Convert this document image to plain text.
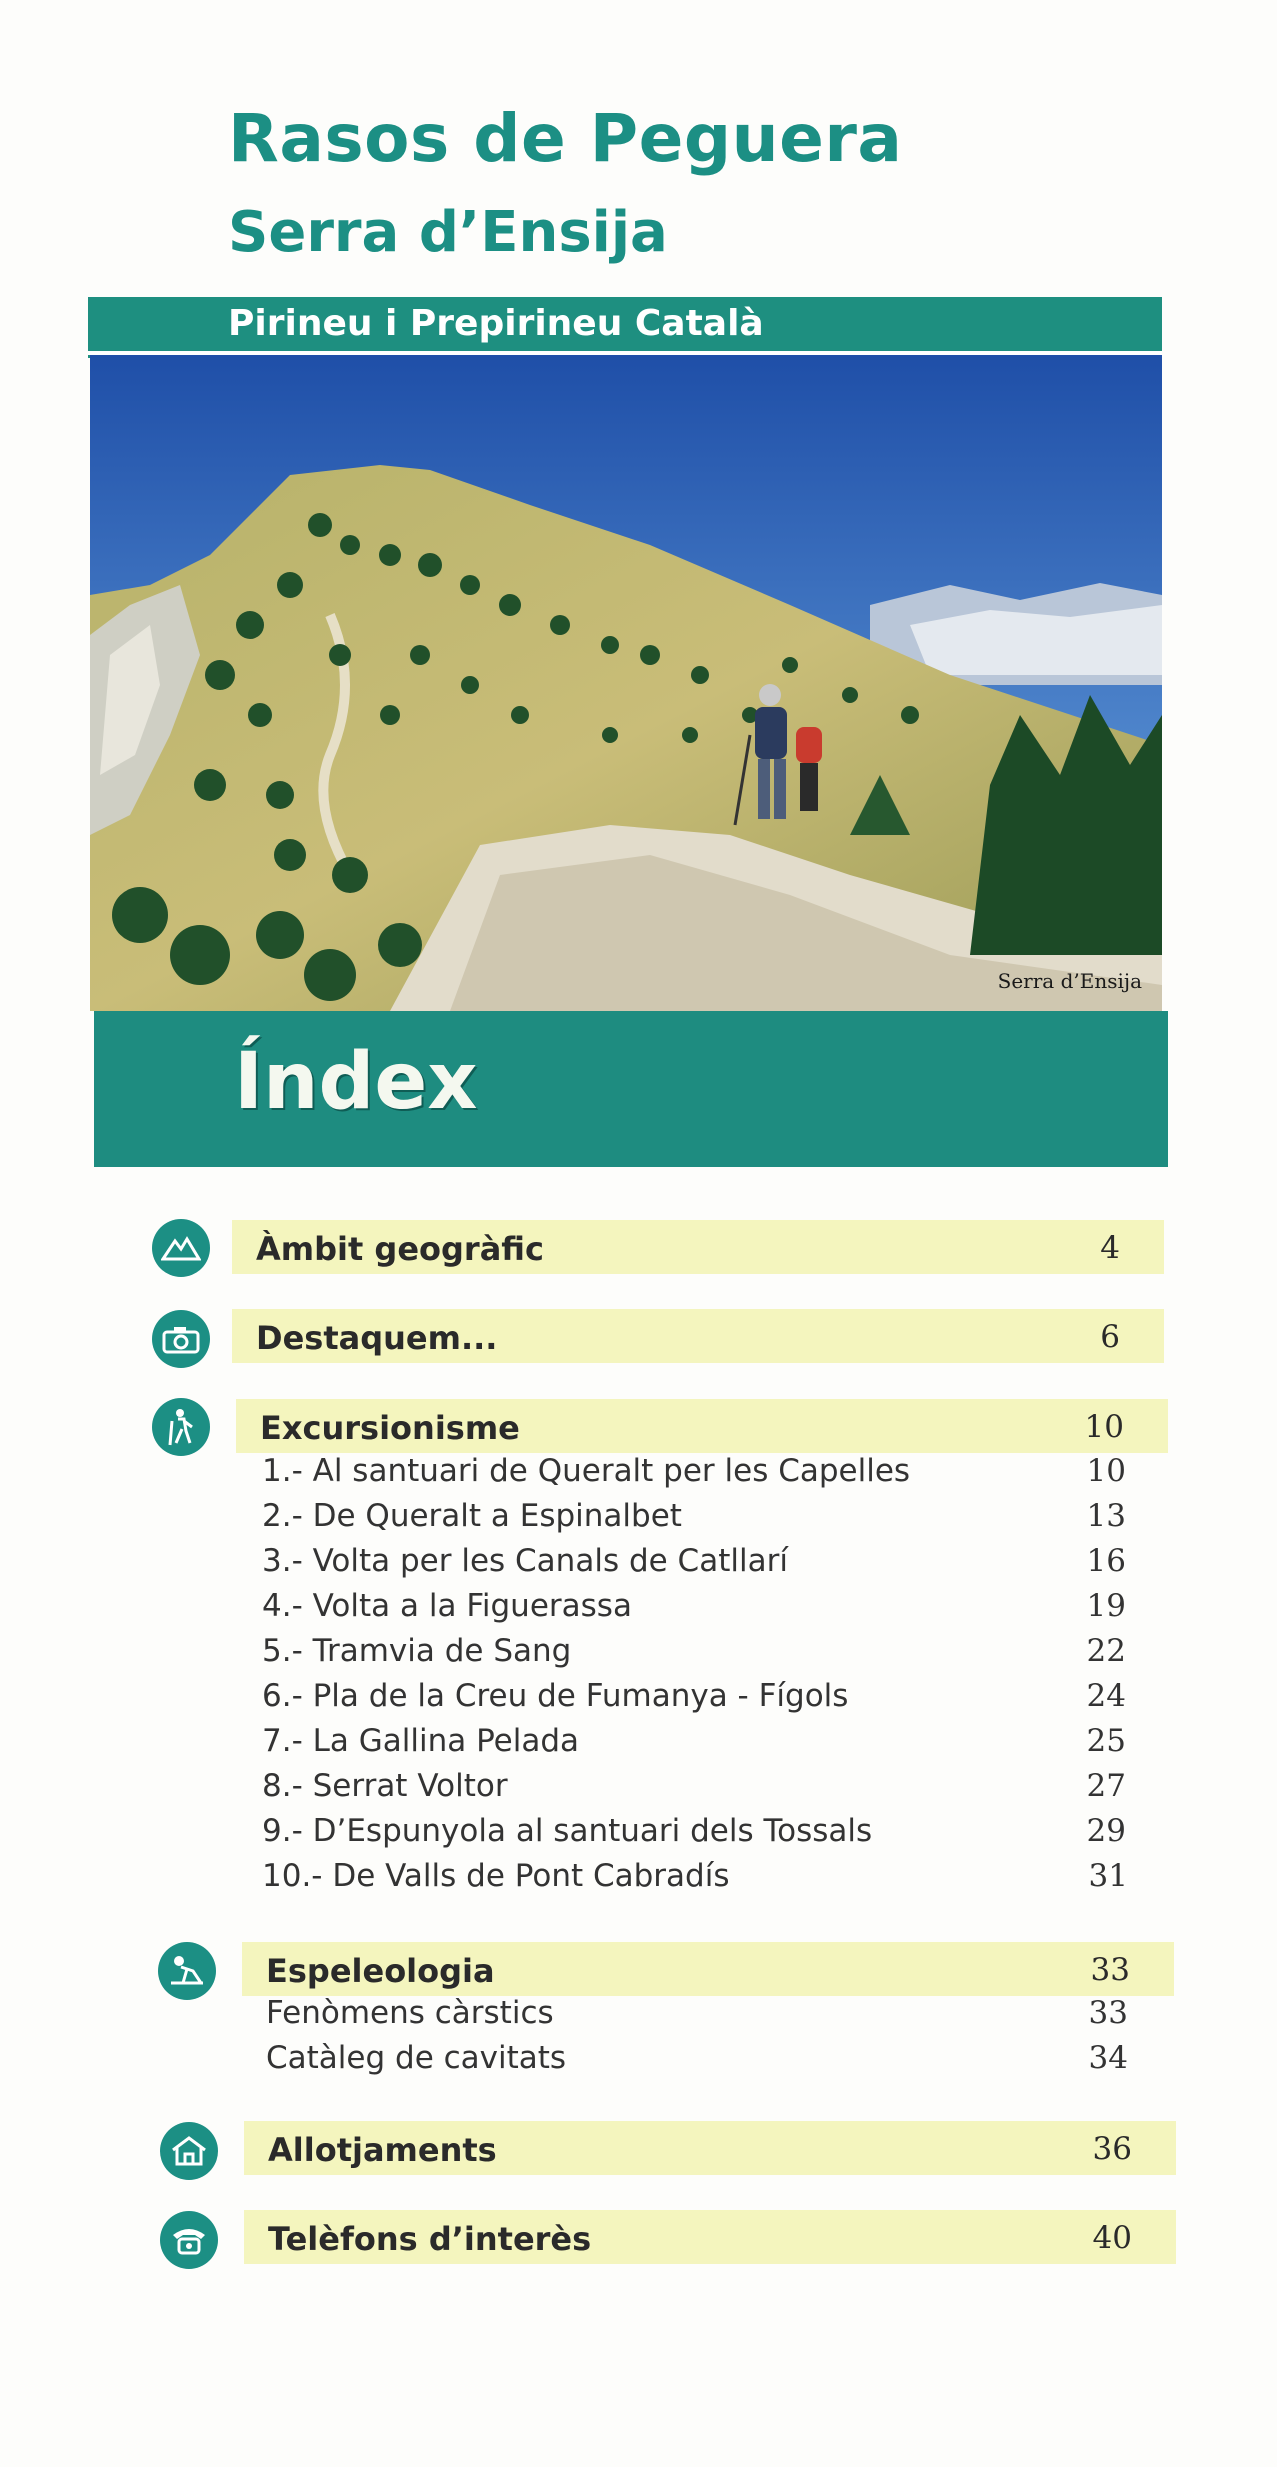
Rasos de Peguera
Serra d’Ensija
Pirineu i Prepirineu Català
Serra d’Ensija
Índex
Àmbit geogràfic	4
Destaquem...	6
Excursionisme	10
1.- Al santuari de Queralt per les Capelles	10
2.- De Queralt a Espinalbet	13
3.- Volta per les Canals de Catllarí	16
4.- Volta a la Figuerassa	19
5.- Tramvia de Sang	22
6.- Pla de la Creu de Fumanya - Fígols	24
7.- La Gallina Pelada	25
8.- Serrat Voltor	27
9.- D’Espunyola al santuari dels Tossals	29
10.- De Valls de Pont Cabradís	31
Espeleologia	33
Fenòmens càrstics	33
Catàleg de cavitats	34
Allotjaments	36
Telèfons d’interès	40
